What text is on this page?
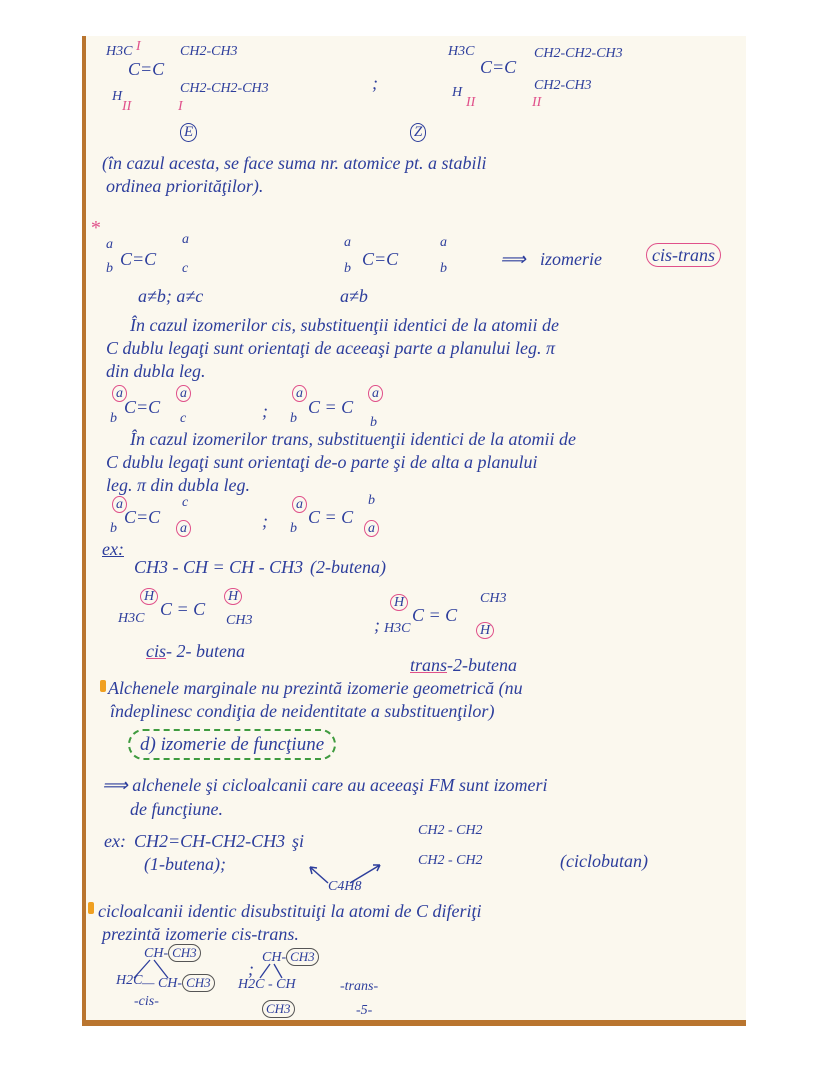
H3C I
H
II
C=C
CH2-CH3
CH2-CH2-CH3
I
E
;
H3C
H
II
C=C
CH2-CH2-CH3
CH2-CH3
II
Z
(în cazul acesta, se face suma nr. atomice pt. a stabili
ordinea priorităţilor).
*
a
b C=C
a
c
a≠b; a≠c
a
b C=C
a
b
a≠b
⟹ izomerie	cis-trans
În cazul izomerilor cis, substituenţii identici de la atomii de
C dublu legaţi sunt orientaţi de aceeaşi parte a planului leg. π
din dubla leg.
a
b
C=C
a
c	;
a
b
C = C
a
b
În cazul izomerilor trans, substituenţii identici de la atomii de
C dublu legaţi sunt orientaţi de-o parte şi de alta a planului
leg. π din dubla leg.
a
b
C=C
c
a	;
a
b
C = C
b
a
ex:
CH3 - CH = CH - CH3 (2-butena)
H
H3C C = C
H
CH3
cis- 2- butena
;
H
H3C
C = C
CH3
H
trans-2-butena
Alchenele marginale nu prezintă izomerie geometrică (nu
îndeplinesc condiţia de neidentitate a substituenţilor)
d) izomerie de funcţiune
⟹ alchenele şi cicloalcanii care au aceeaşi FM sunt izomeri
de funcţiune.
ex: CH2=CH-CH2-CH3 şi
(1-butena);
CH2 - CH2
CH2 - CH2	(ciclobutan)
C4H8
cicloalcanii identic disubstituiţi la atomi de C diferiţi
prezintă izomerie cis-trans.
CH- CH3
H2C — CH- CH3
-cis-
;
CH- CH3
H2C - CH
CH3
-trans-
-5-
